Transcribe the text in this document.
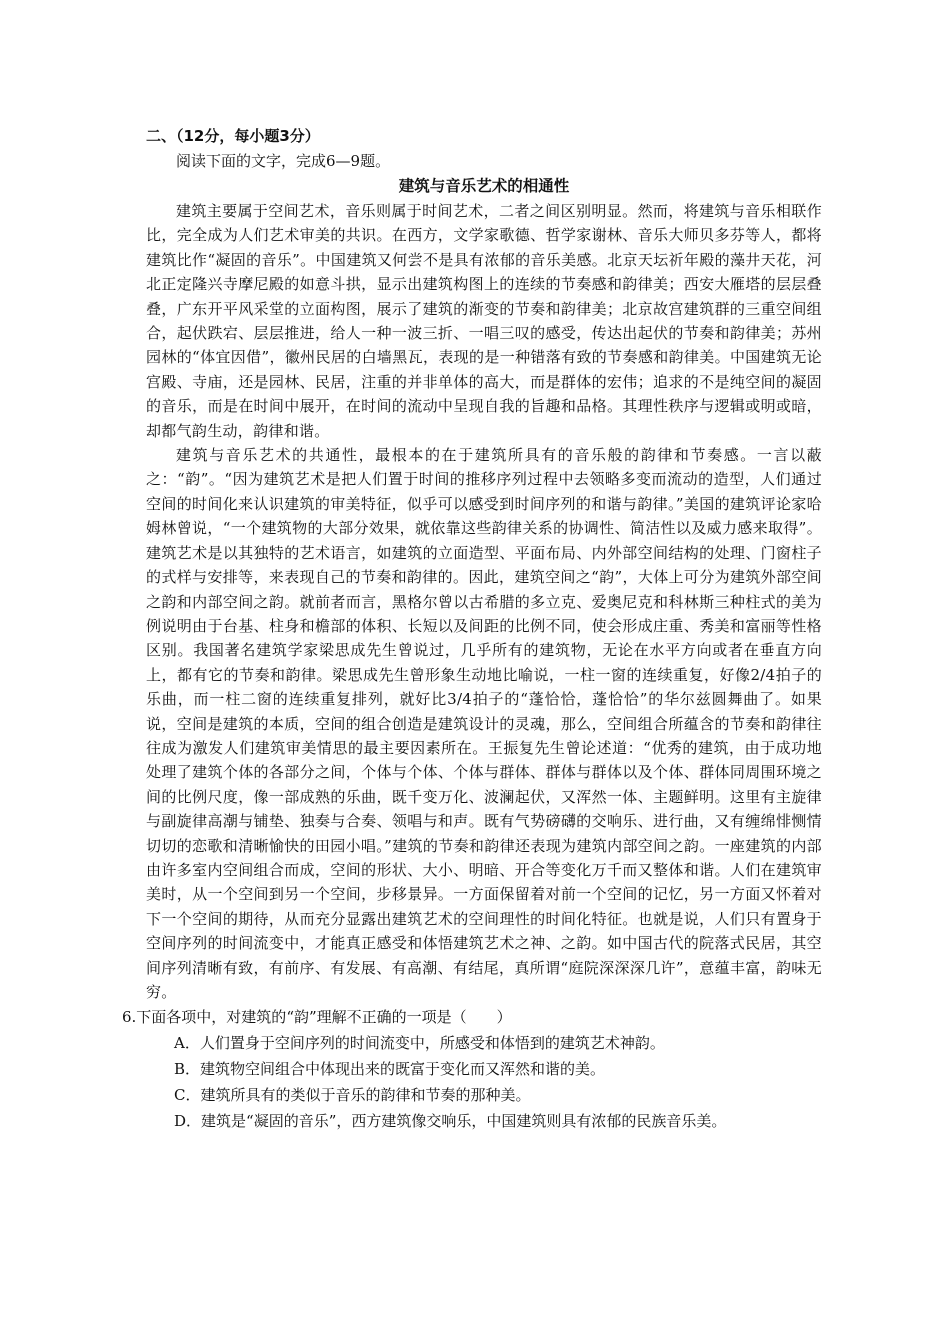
二、（12分，每小题3分）

阅读下面的文字，完成6—9题。

建筑与音乐艺术的相通性

建筑主要属于空间艺术，音乐则属于时间艺术，二者之间区别明显。然而，将建筑与音乐相联作比，完全成为人们艺术审美的共识。在西方，文学家歌德、哲学家谢林、音乐大师贝多芬等人，都将建筑比作“凝固的音乐”。中国建筑又何尝不是具有浓郁的音乐美感。北京天坛祈年殿的藻井天花，河北正定隆兴寺摩尼殿的如意斗拱，显示出建筑构图上的连续的节奏感和韵律美；西安大雁塔的层层叠叠，广东开平风采堂的立面构图，展示了建筑的渐变的节奏和韵律美；北京故宫建筑群的三重空间组合，起伏跌宕、层层推进，给人一种一波三折、一唱三叹的感受，传达出起伏的节奏和韵律美；苏州园林的“体宜因借”，徽州民居的白墙黑瓦，表现的是一种错落有致的节奏感和韵律美。中国建筑无论宫殿、寺庙，还是园林、民居，注重的并非单体的高大，而是群体的宏伟；追求的不是纯空间的凝固的音乐，而是在时间中展开，在时间的流动中呈现自我的旨趣和品格。其理性秩序与逻辑或明或暗，却都气韵生动，韵律和谐。

建筑与音乐艺术的共通性，最根本的在于建筑所具有的音乐般的韵律和节奏感。一言以蔽之：“韵”。“因为建筑艺术是把人们置于时间的推移序列过程中去领略多变而流动的造型，人们通过空间的时间化来认识建筑的审美特征，似乎可以感受到时间序列的和谐与韵律。”美国的建筑评论家哈姆林曾说，“一个建筑物的大部分效果，就依靠这些韵律关系的协调性、简洁性以及威力感来取得”。建筑艺术是以其独特的艺术语言，如建筑的立面造型、平面布局、内外部空间结构的处理、门窗柱子的式样与安排等，来表现自己的节奏和韵律的。因此，建筑空间之“韵”，大体上可分为建筑外部空间之韵和内部空间之韵。就前者而言，黑格尔曾以古希腊的多立克、爱奥尼克和科林斯三种柱式的美为例说明由于台基、柱身和檐部的体积、长短以及间距的比例不同，使会形成庄重、秀美和富丽等性格区别。我国著名建筑学家梁思成先生曾说过，几乎所有的建筑物，无论在水平方向或者在垂直方向上，都有它的节奏和韵律。梁思成先生曾形象生动地比喻说，一柱一窗的连续重复，好像2/4拍子的乐曲，而一柱二窗的连续重复排列，就好比3/4拍子的“蓬恰恰，蓬恰恰”的华尔兹圆舞曲了。如果说，空间是建筑的本质，空间的组合创造是建筑设计的灵魂，那么，空间组合所蕴含的节奏和韵律往往成为激发人们建筑审美情思的最主要因素所在。王振复先生曾论述道：“优秀的建筑，由于成功地处理了建筑个体的各部分之间，个体与个体、个体与群体、群体与群体以及个体、群体同周围环境之间的比例尺度，像一部成熟的乐曲，既千变万化、波澜起伏，又浑然一体、主题鲜明。这里有主旋律与副旋律高潮与铺垫、独奏与合奏、领唱与和声。既有气势磅礴的交响乐、进行曲，又有缠绵悱恻情切切的恋歌和清晰愉快的田园小唱。”建筑的节奏和韵律还表现为建筑内部空间之韵。一座建筑的内部由许多室内空间组合而成，空间的形状、大小、明暗、开合等变化万千而又整体和谐。人们在建筑审美时，从一个空间到另一个空间，步移景异。一方面保留着对前一个空间的记忆，另一方面又怀着对下一个空间的期待，从而充分显露出建筑艺术的空间理性的时间化特征。也就是说，人们只有置身于空间序列的时间流变中，才能真正感受和体悟建筑艺术之神、之韵。如中国古代的院落式民居，其空间序列清晰有致，有前序、有发展、有高潮、有结尾，真所谓“庭院深深深几许”，意蕴丰富，韵味无穷。

6.下面各项中，对建筑的“韵”理解不正确的一项是（　　）

A．人们置身于空间序列的时间流变中，所感受和体悟到的建筑艺术神韵。
B．建筑物空间组合中体现出来的既富于变化而又浑然和谐的美。
C．建筑所具有的类似于音乐的韵律和节奏的那种美。
D．建筑是“凝固的音乐”，西方建筑像交响乐，中国建筑则具有浓郁的民族音乐美。
